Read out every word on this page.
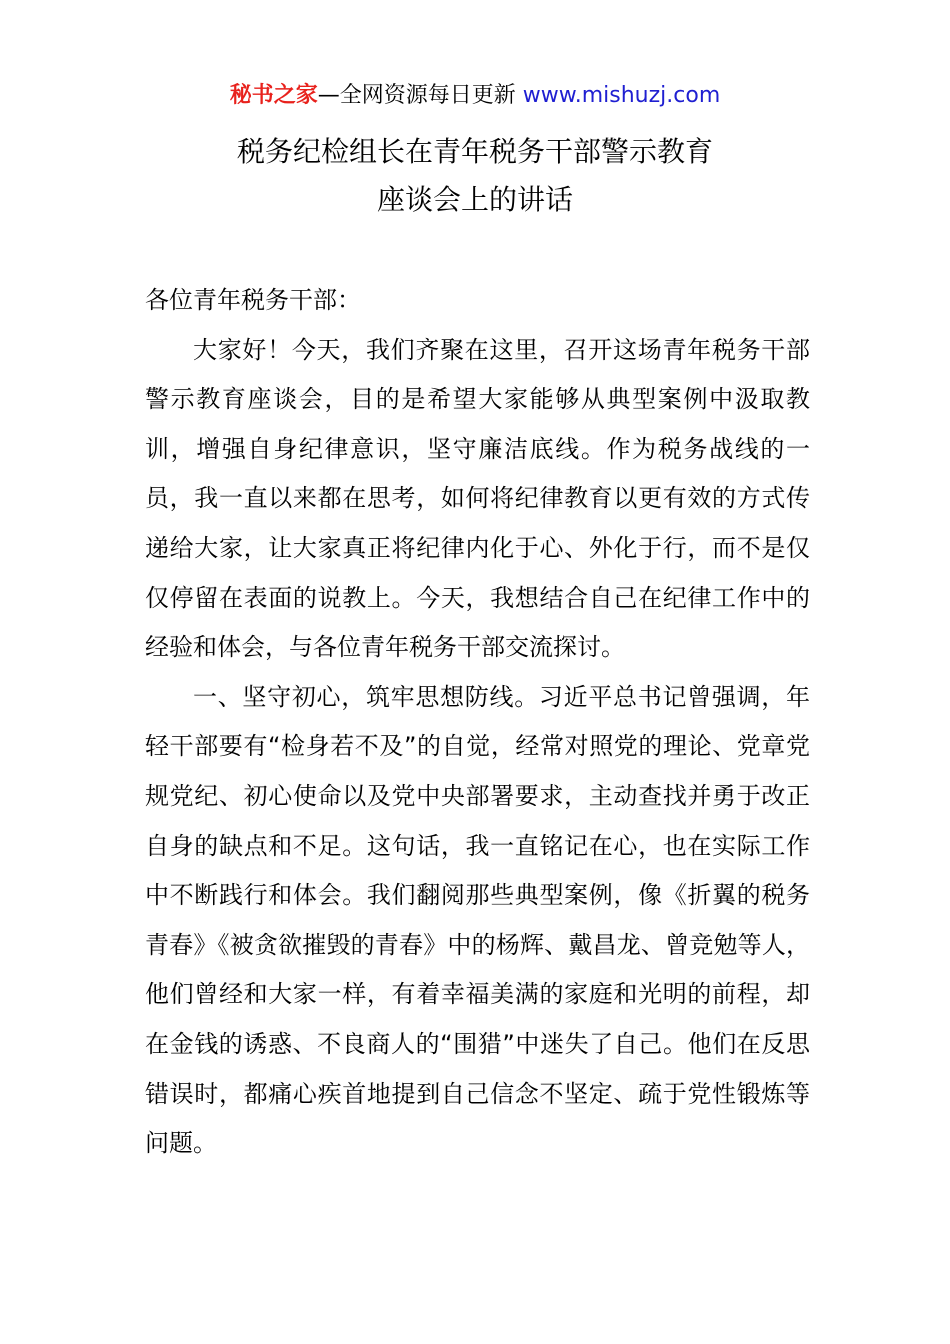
秘书之家—全网资源每日更新 www.mishuzj.com
税务纪检组长在青年税务干部警示教育
座谈会上的讲话

各位青年税务干部：

大家好！今天，我们齐聚在这里，召开这场青年税务干部警示教育座谈会，目的是希望大家能够从典型案例中汲取教训，增强自身纪律意识，坚守廉洁底线。作为税务战线的一员，我一直以来都在思考，如何将纪律教育以更有效的方式传递给大家，让大家真正将纪律内化于心、外化于行，而不是仅仅停留在表面的说教上。今天，我想结合自己在纪律工作中的经验和体会，与各位青年税务干部交流探讨。

一、坚守初心，筑牢思想防线。习近平总书记曾强调，年轻干部要有“检身若不及”的自觉，经常对照党的理论、党章党规党纪、初心使命以及党中央部署要求，主动查找并勇于改正自身的缺点和不足。这句话，我一直铭记在心，也在实际工作中不断践行和体会。我们翻阅那些典型案例，像《折翼的税务青春》《被贪欲摧毁的青春》中的杨辉、戴昌龙、曾竞勉等人，他们曾经和大家一样，有着幸福美满的家庭和光明的前程，却在金钱的诱惑、不良商人的“围猎”中迷失了自己。他们在反思错误时，都痛心疾首地提到自己信念不坚定、疏于党性锻炼等问题。
